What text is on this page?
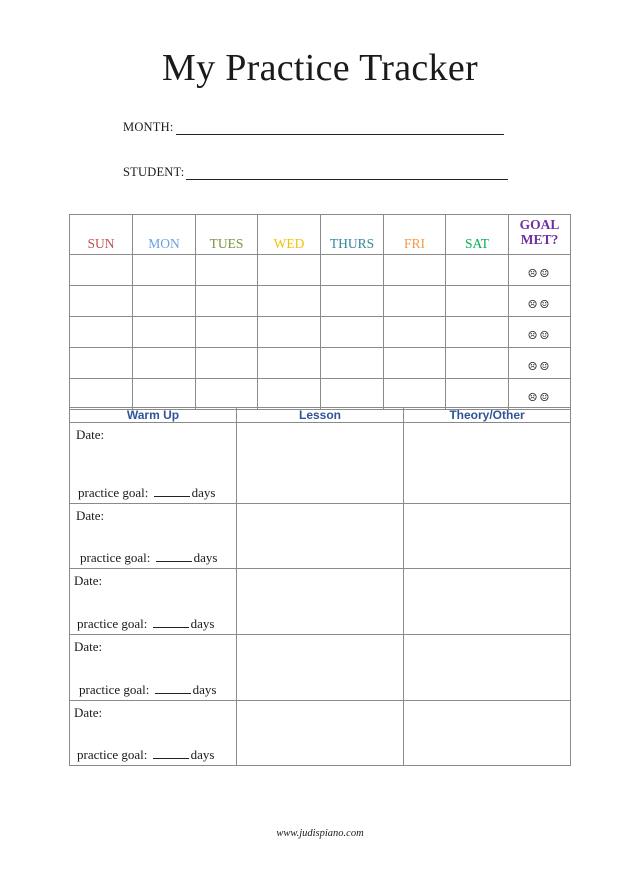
My Practice Tracker
MONTH:
STUDENT:
SUN	MON	TUES	WED	THURS	FRI	SAT	GOAL
MET?

							☹☺
							☹☺
							☹☺
							☹☺
							☹☺
Warm Up	Lesson	Theory/Other

Date:
practice goal: days		

Date:
practice goal: days		

Date:
practice goal: days		

Date:
practice goal: days		

Date:
practice goal: days		

www.judispiano.com
